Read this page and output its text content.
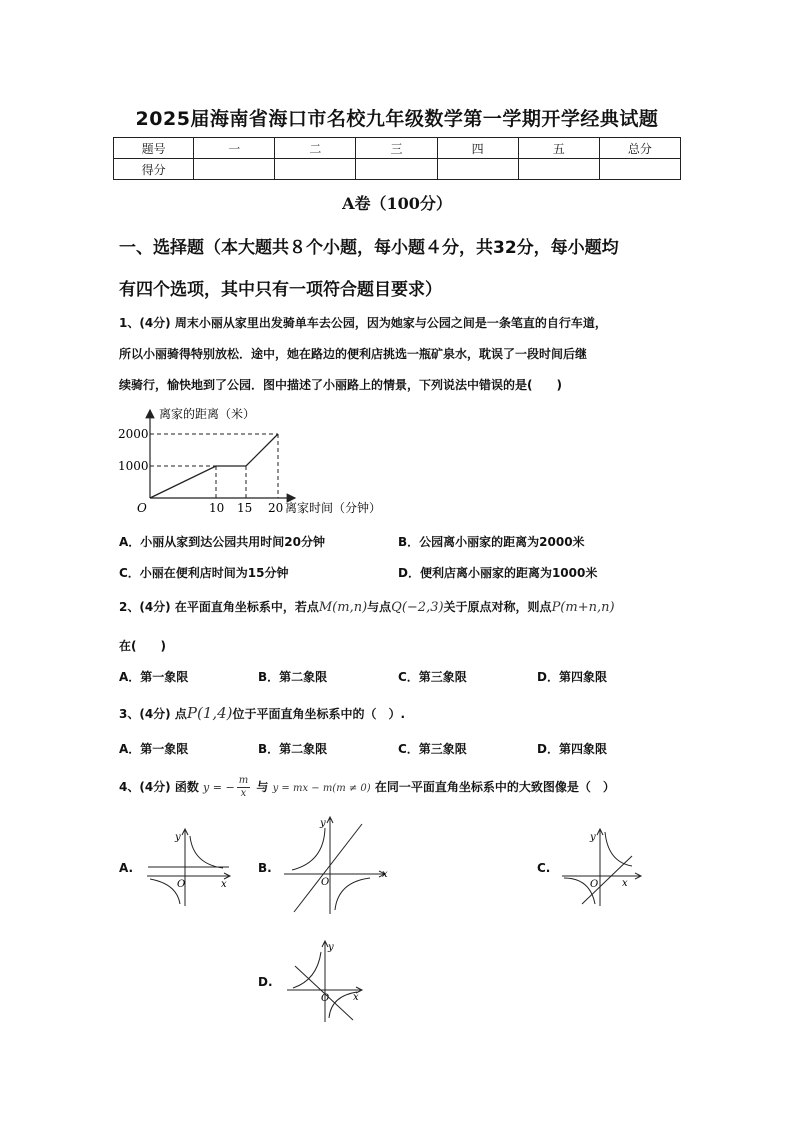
2025届海南省海口市名校九年级数学第一学期开学经典试题
题号	一	二	三	四	五	总分
得分						
A卷（100分）
一、选择题（本大题共８个小题，每小题４分，共32分，每小题均
有四个选项，其中只有一项符合题目要求）
1、(4分) 周末小丽从家里出发骑单车去公园，因为她家与公园之间是一条笔直的自行车道，
所以小丽骑得特别放松．途中，她在路边的便利店挑选一瓶矿泉水，耽误了一段时间后继
续骑行，愉快地到了公园．图中描述了小丽路上的情景，下列说法中错误的是(　　)
离家的距离（米）
离家时间（分钟）
2000
1000
10 15 20
O
A．小丽从家到达公园共用时间20分钟	B．公园离小丽家的距离为2000米
C．小丽在便利店时间为15分钟	D．便利店离小丽家的距离为1000米
2、(4分) 在平面直角坐标系中，若点M(m,n)与点Q(−2,3)关于原点对称，则点P(m+n,n)
在(　　)
A．第一象限	B．第二象限	C．第三象限	D．第四象限
3、(4分) 点P(1,4)位于平面直角坐标系中的（　）.
A．第一象限	B．第二象限	C．第三象限	D．第四象限
4、(4分) 函数 y = − $\frac{m}{x}$ 与 y = mx − m(m ≠ 0) 在同一平面直角坐标系中的大致图像是（　）
A.
y
x
O
B.
y
x
O
C.
y
x
O
D.
y
x
O
